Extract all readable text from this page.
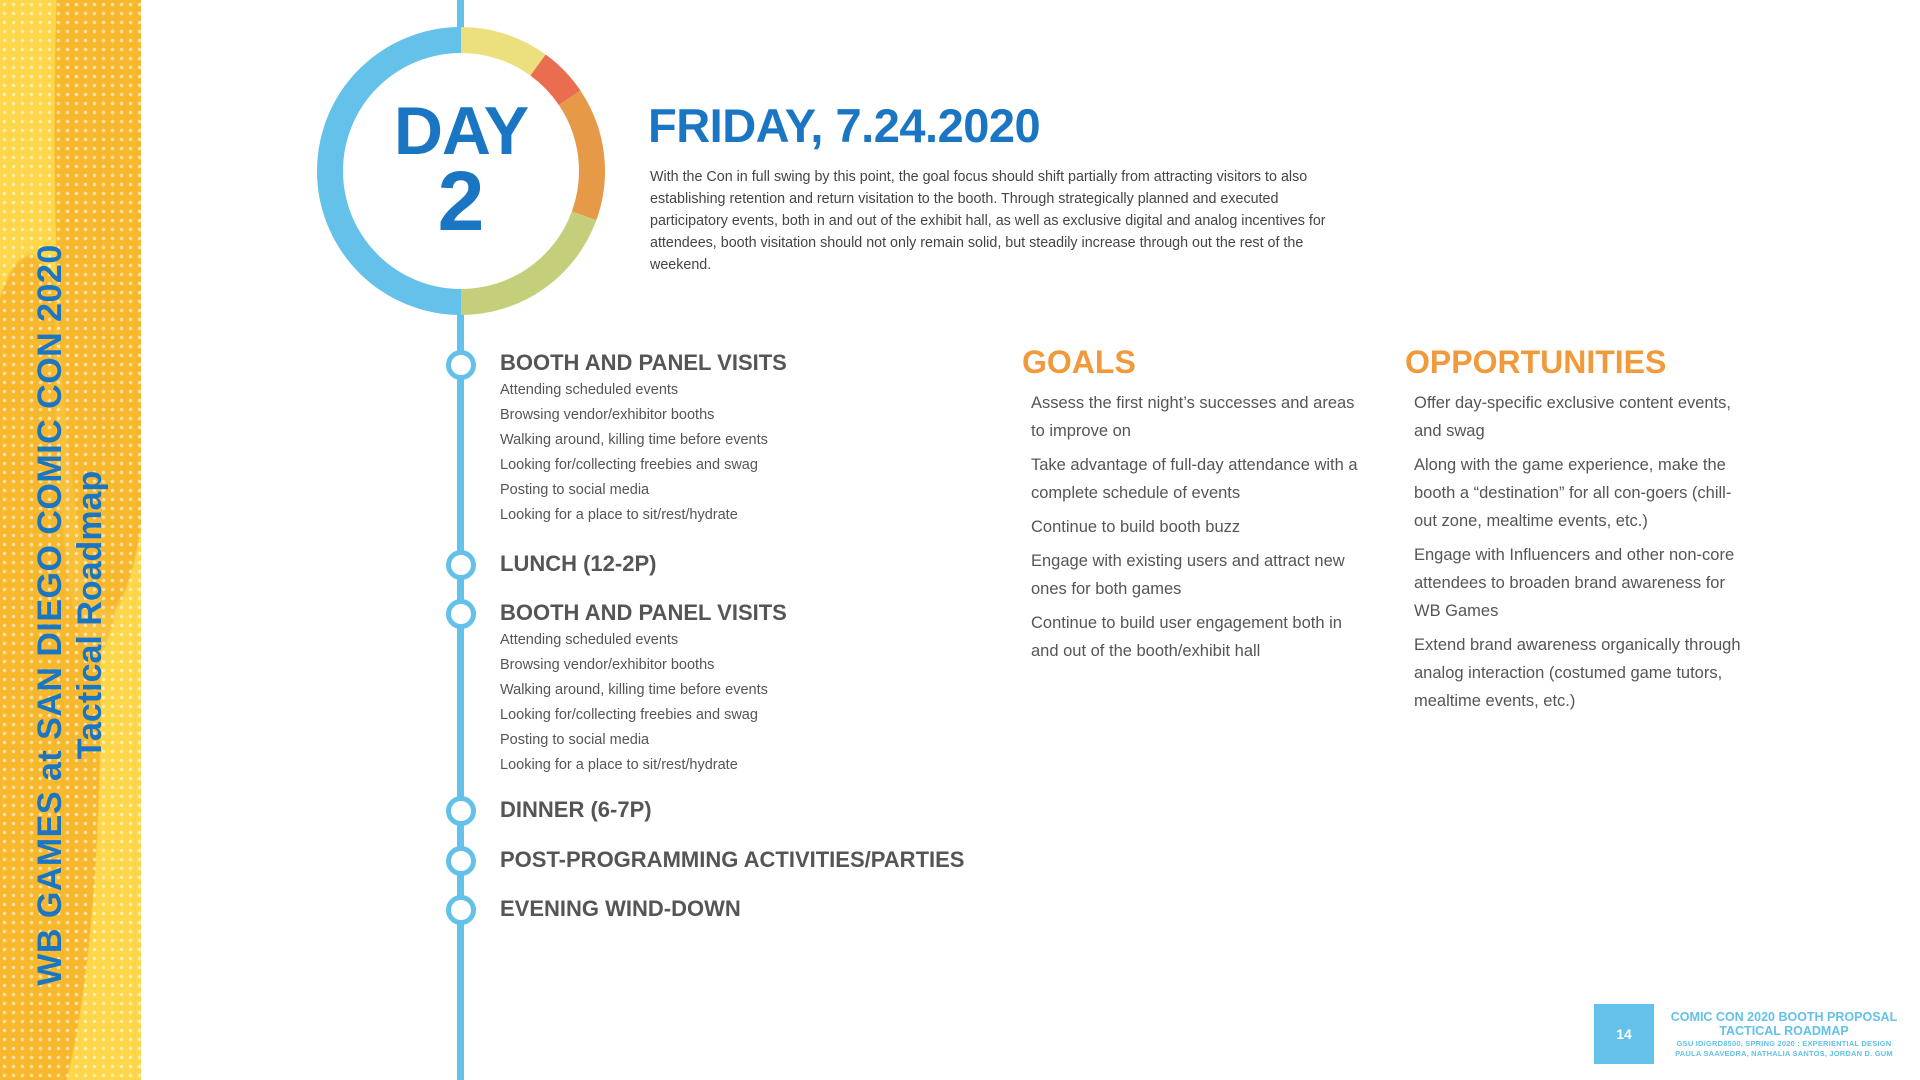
WB GAMES at SAN DIEGO COMIC CON 2020 Tactical Roadmap
DAY
2
FRIDAY, 7.24.2020

With the Con in full swing by this point, the goal focus should shift partially from attracting visitors to also establishing retention and return visitation to the booth. Through strategically planned and executed participatory events, both in and out of the exhibit hall, as well as exclusive digital and analog incentives for attendees, booth visitation should not only remain solid, but steadily increase through out the rest of the weekend.

BOOTH AND PANEL VISITS
Attending scheduled events
Browsing vendor/exhibitor booths
Walking around, killing time before events
Looking for/collecting freebies and swag
Posting to social media
Looking for a place to sit/rest/hydrate
LUNCH (12-2P)
BOOTH AND PANEL VISITS
Attending scheduled events
Browsing vendor/exhibitor booths
Walking around, killing time before events
Looking for/collecting freebies and swag
Posting to social media
Looking for a place to sit/rest/hydrate
DINNER (6-7P)
POST-PROGRAMMING ACTIVITIES/PARTIES
EVENING WIND-DOWN
GOALS
Assess the first night’s successes and areas to improve on
Take advantage of full-day attendance with a complete schedule of events
Continue to build booth buzz
Engage with existing users and attract new ones for both games
Continue to build user engagement both in and out of the booth/exhibit hall
OPPORTUNITIES
Offer day-specific exclusive content events, and swag
Along with the game experience, make the booth a “destination” for all con-goers (chill-out zone, mealtime events, etc.)
Engage with Influencers and other non-core attendees to broaden brand awareness for WB Games
Extend brand awareness organically through analog interaction (costumed game tutors, mealtime events, etc.)
14
COMIC CON 2020 BOOTH PROPOSAL
TACTICAL ROADMAP
GSU ID/GRD8500, SPRING 2020 : EXPERIENTIAL DESIGN
PAULA SAAVEDRA, NATHALIA SANTOS, JORDAN D. GUM
